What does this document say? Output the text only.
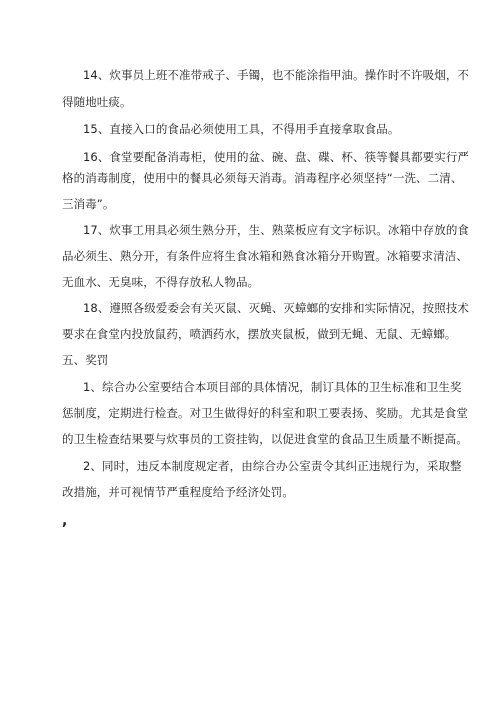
14、炊事员上班不准带戒子、手镯，也不能涂指甲油。操作时不许吸烟，不
得随地吐痰。
15、直接入口的食品必须使用工具，不得用手直接拿取食品。
16、食堂要配备消毒柜，使用的盆、碗、盘、碟、杯、筷等餐具都要实行严
格的消毒制度，使用中的餐具必须每天消毒。消毒程序必须坚持“一洗、二清、
三消毒”。
17、炊事工用具必须生熟分开，生、熟菜板应有文字标识。冰箱中存放的食
品必须生、熟分开，有条件应将生食冰箱和熟食冰箱分开购置。冰箱要求清洁、
无血水、无臭味，不得存放私人物品。
18、遵照各级爱委会有关灭鼠、灭蝇、灭蟑螂的安排和实际情况，按照技术
要求在食堂内投放鼠药，喷洒药水，摆放夹鼠板，做到无蝇、无鼠、无蟑螂。
五、奖罚
1、综合办公室要结合本项目部的具体情况，制订具体的卫生标准和卫生奖
惩制度，定期进行检查。对卫生做得好的科室和职工要表扬、奖励。尤其是食堂
的卫生检查结果要与炊事员的工资挂钩，以促进食堂的食品卫生质量不断提高。
2、同时，违反本制度规定者，由综合办公室责令其纠正违规行为，采取整
改措施，并可视情节严重程度给予经济处罚。
,
